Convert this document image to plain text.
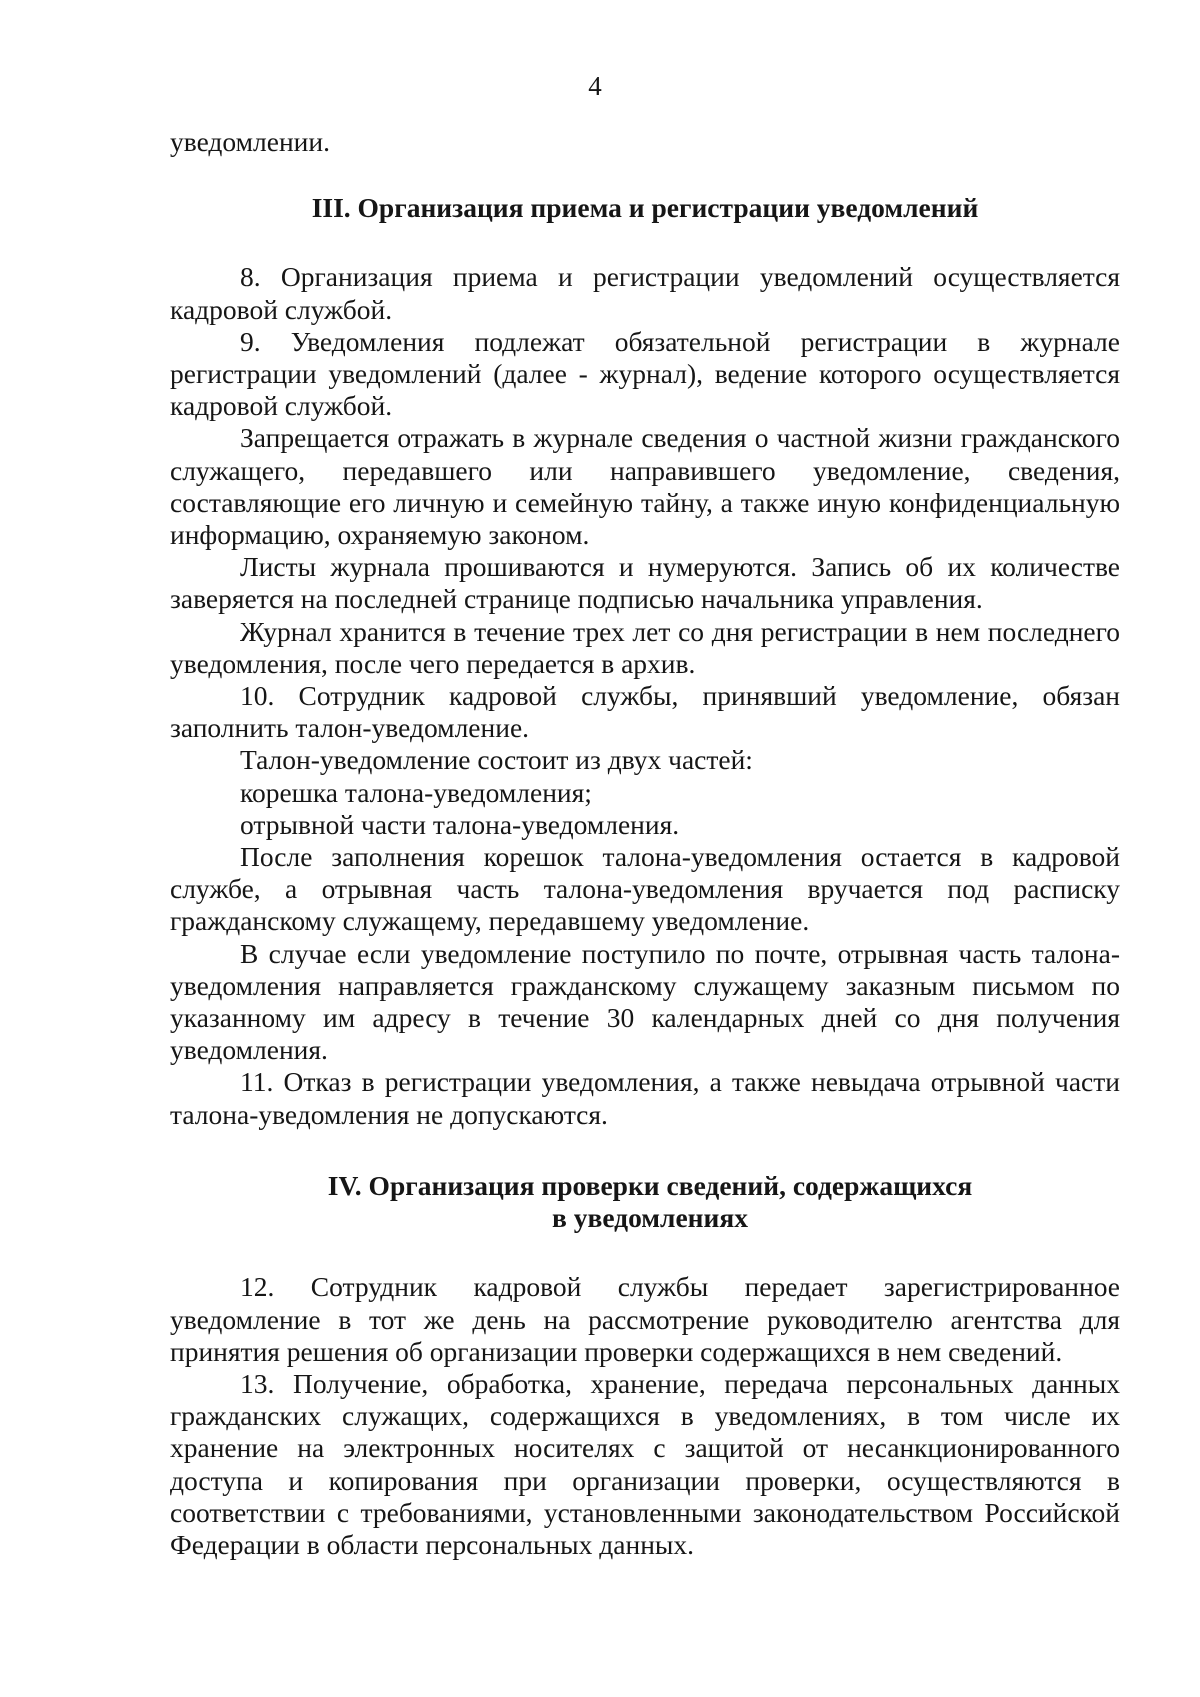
4

уведомлении.

III. Организация приема и регистрации уведомлений

8. Организация приема и регистрации уведомлений осуществляется кадровой службой.

9. Уведомления подлежат обязательной регистрации в журнале регистрации уведомлений (далее - журнал), ведение которого осуществляется кадровой службой.

Запрещается отражать в журнале сведения о частной жизни гражданского служащего, передавшего или направившего уведомление, сведения, составляющие его личную и семейную тайну, а также иную конфиденциальную информацию, охраняемую законом.

Листы журнала прошиваются и нумеруются. Запись об их количестве заверяется на последней странице подписью начальника управления.

Журнал хранится в течение трех лет со дня регистрации в нем последнего уведомления, после чего передается в архив.

10. Сотрудник кадровой службы, принявший уведомление, обязан заполнить талон-уведомление.

Талон-уведомление состоит из двух частей:

корешка талона-уведомления;

отрывной части талона-уведомления.

После заполнения корешок талона-уведомления остается в кадровой службе, а отрывная часть талона-уведомления вручается под расписку гражданскому служащему, передавшему уведомление.

В случае если уведомление поступило по почте, отрывная часть талона-уведомления направляется гражданскому служащему заказным письмом по указанному им адресу в течение 30 календарных дней со дня получения уведомления.

11. Отказ в регистрации уведомления, а также невыдача отрывной части талона-уведомления не допускаются.

IV. Организация проверки сведений, содержащихся
в уведомлениях

12. Сотрудник кадровой службы передает зарегистрированное уведомление в тот же день на рассмотрение руководителю агентства для принятия решения об организации проверки содержащихся в нем сведений.

13. Получение, обработка, хранение, передача персональных данных гражданских служащих, содержащихся в уведомлениях, в том числе их хранение на электронных носителях с защитой от несанкционированного доступа и копирования при организации проверки, осуществляются в соответствии с требованиями, установленными законодательством Российской Федерации в области персональных данных.
